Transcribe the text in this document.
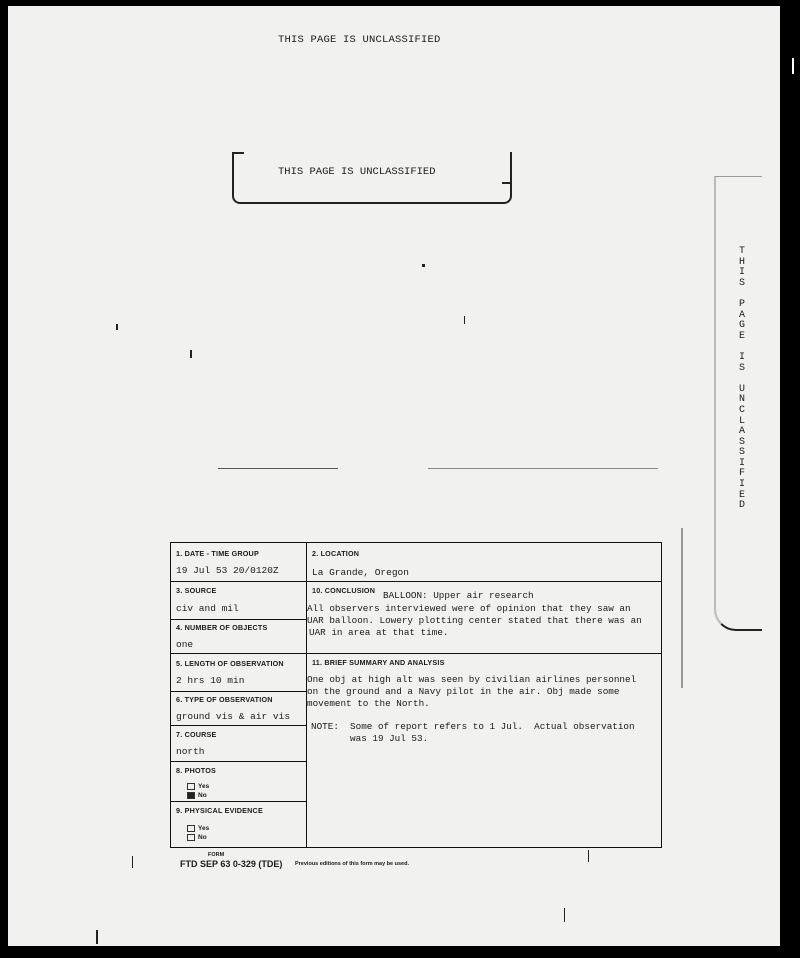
THIS PAGE IS UNCLASSIFIED
THIS PAGE IS UNCLASSIFIED
T
H
I
S

P
A
G
E

I
S

U
N
C
L
A
S
S
I
F
I
E
D
1. DATE - TIME GROUP
19 Jul 53 20/0120Z
2. LOCATION
La Grande, Oregon
3. SOURCE
civ and mil
10. CONCLUSION BALLOON: Upper air research
All observers interviewed were of opinion that they saw an
UAR balloon. Lowery plotting center stated that there was an
UAR in area at that time.
4. NUMBER OF OBJECTS
one
5. LENGTH OF OBSERVATION
2 hrs 10 min
11. BRIEF SUMMARY AND ANALYSIS
One obj at high alt was seen by civilian airlines personnel
on the ground and a Navy pilot in the air. Obj made some
movement to the North.
NOTE:  Some of report refers to 1 Jul.  Actual observation
was 19 Jul 53.
6. TYPE OF OBSERVATION
ground vis & air vis
7. COURSE
north
8. PHOTOS
Yes
No
9. PHYSICAL EVIDENCE
Yes
No
FORM
FTD SEP 63 0-329 (TDE) Previous editions of this form may be used.
